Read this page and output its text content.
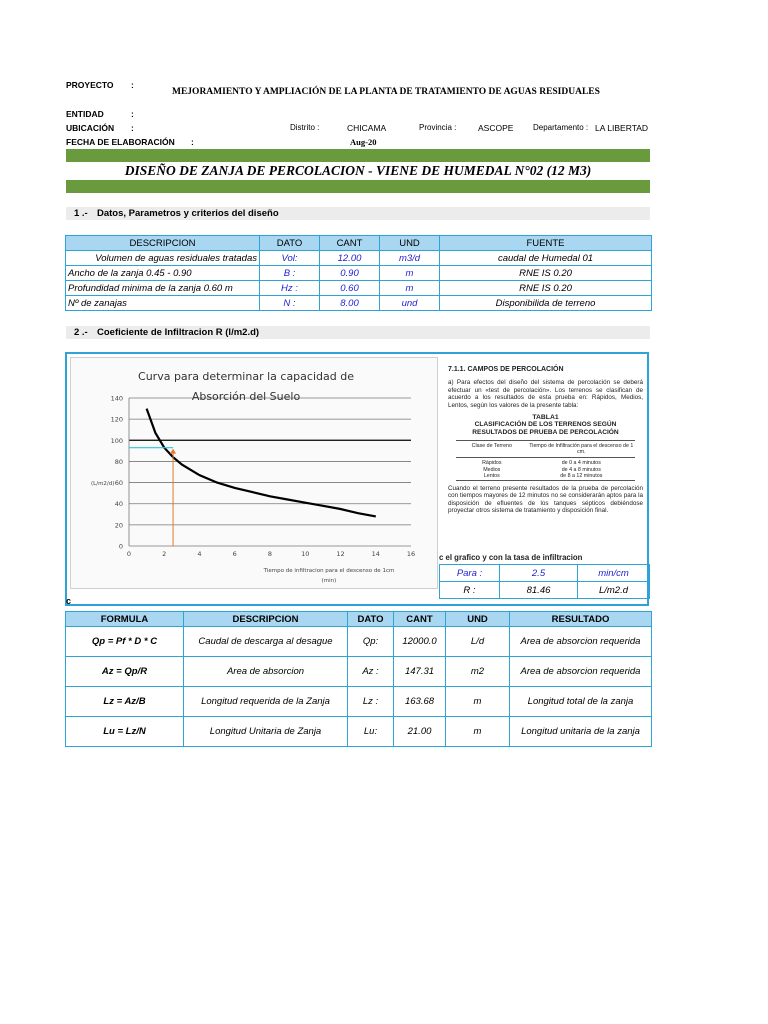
PROYECTO :
MEJORAMIENTO Y AMPLIACIÓN DE LA PLANTA DE TRATAMIENTO DE AGUAS RESIDUALES
ENTIDAD	:
UBICACIÓN :	Distrito :	CHICAMA	Provincia :	ASCOPE Departamento : LA LIBERTAD
FECHA DE ELABORACIÓN :	Aug-20
DISEÑO DE ZANJA DE PERCOLACION - VIENE DE HUMEDAL N°02 (12 M3)
1 .- Datos, Parametros y criterios del diseño
DESCRIPCION	DATO	CANT	UND	FUENTE
Volumen de aguas residuales tratadas	Vol:	12.00	m3/d	caudal de Humedal 01
Ancho de la zanja 0.45 - 0.90	B :	0.90	m	RNE IS 0.20
Profundidad minima de la zanja 0.60 m	Hz :	0.60	m	RNE IS 0.20
Nº de zanajas	N :	8.00	und	Disponibilida de terreno
2 .- Coeficiente de Infiltracion R (l/m2.d)
0
20
40
60
80
100
120
140
0	2	4	6	8	10	12	14	16
Curva para determinar la capacidad de
Absorción del Suelo
(L/m2/d)
Tiempo de infiltracion para el descenso de 1cm
(min)
7.1.1. CAMPOS DE PERCOLACIÓN
a) Para efectos del diseño del sistema de percolación se deberá efectuar un «test de percolación». Los terrenos se clasifican de acuerdo a los resultados de esta prueba en: Rápidos, Medios, Lentos, según los valores de la presente tabla:
TABLA1
CLASIFICACIÓN DE LOS TERRENOS SEGÚN
RESULTADOS DE PRUEBA DE PERCOLACIÓN
Clase de Terreno	Tiempo de Infiltración para el descenso de 1 cm.
Rápidos	de 0 a 4 minutos
Medios	de 4 a 8 minutos
Lentos	de 8 a 12 minutos
Cuando el terreno presente resultados de la prueba de percolación con tiempos mayores de 12 minutos no se considerarán aptos para la disposición de efluentes de los tanques sépticos debiéndose proyectar otros sistema de tratamiento y disposición final.
c el grafico y con la tasa de infiltracion
Para :	2.5	min/cm
R :	81.46	L/m2.d
c
FORMULA	DESCRIPCION	DATO	CANT	UND	RESULTADO
Qp = Pf * D * C	Caudal de descarga al desague	Qp:	12000.0	L/d	Area de absorcion requerida
Az = Qp/R	Area de absorcion	Az :	147.31	m2	Area de absorcion requerida
Lz = Az/B	Longitud requerida de la Zanja	Lz :	163.68	m	Longitud total de la zanja
Lu = Lz/N	Longitud Unitaria de Zanja	Lu:	21.00	m	Longitud unitaria de la zanja
